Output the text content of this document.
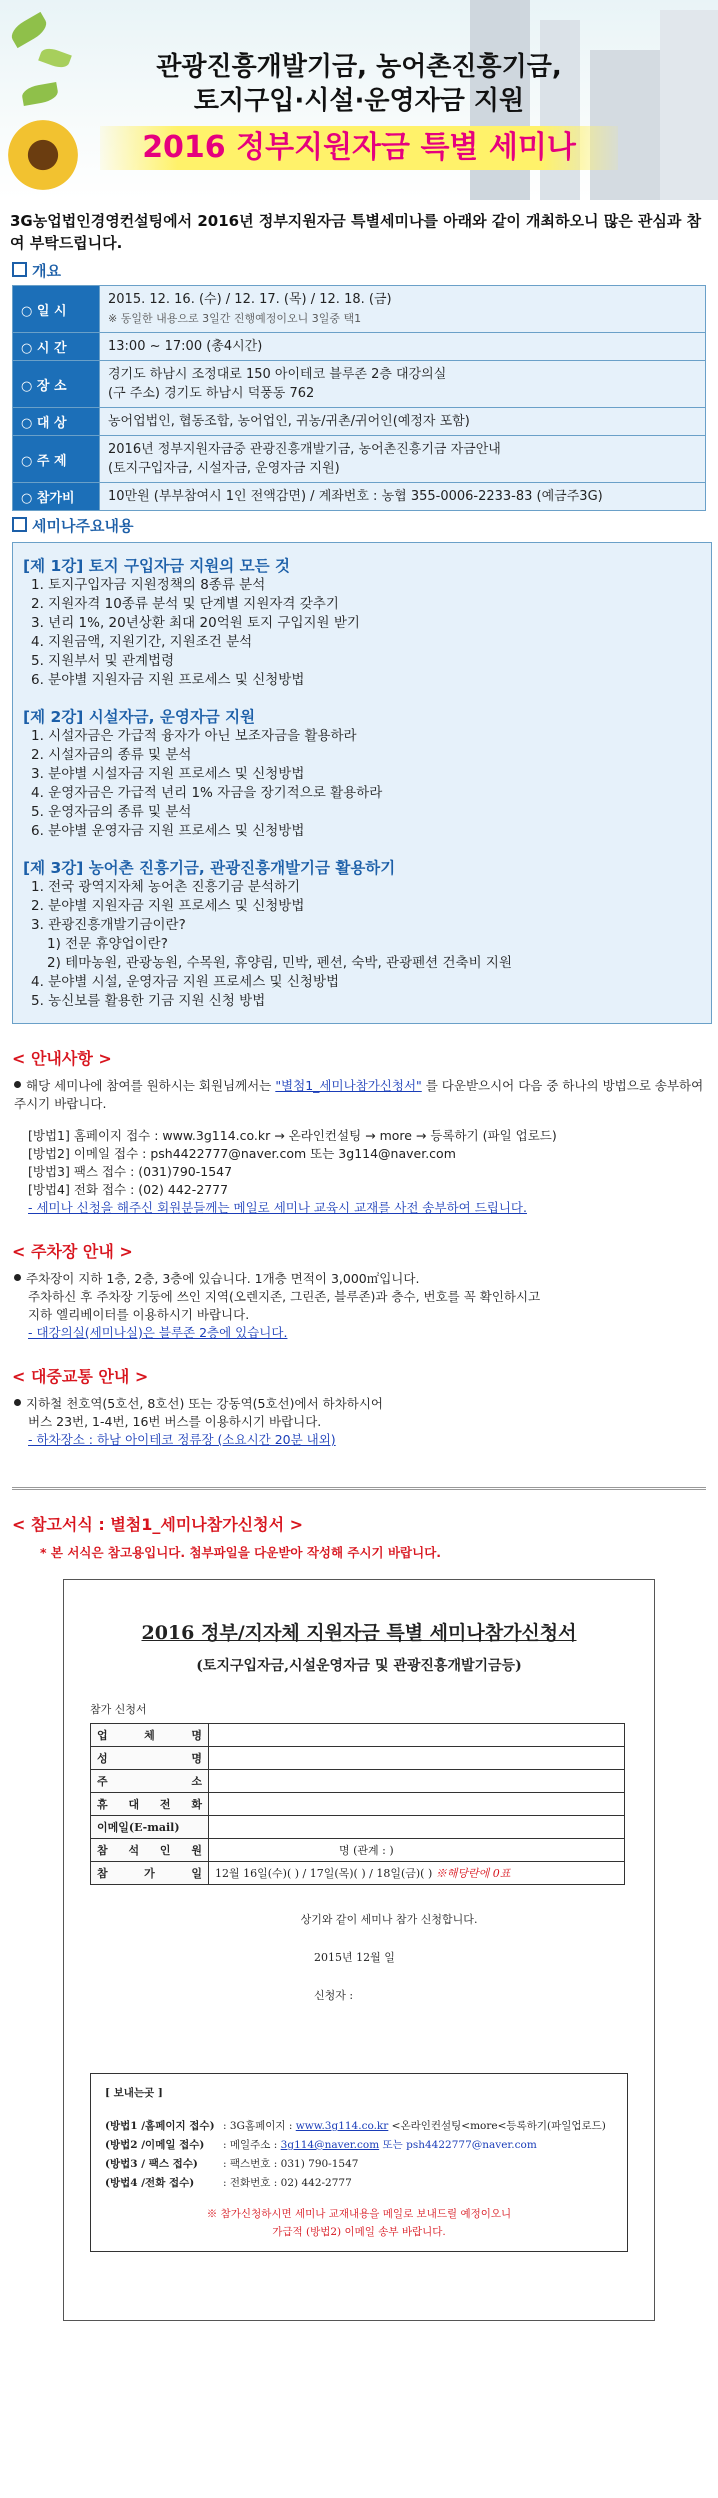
관광진흥개발기금, 농어촌진흥기금,
토지구입·시설·운영자금 지원
2016 정부지원자금 특별 세미나
3G농업법인경영컨설팅에서 2016년 정부지원자금 특별세미나를 아래와 같이 개최하오니 많은 관심과 참여 부탁드립니다.
개요
○ 일 시	2015. 12. 16. (수) / 12. 17. (목) / 12. 18. (금)
※ 동일한 내용으로 3일간 진행예정이오니 3일중 택1

○ 시 간	13:00 ~ 17:00 (총4시간)
○ 장 소	경기도 하남시 조정대로 150 아이테코 블루존 2층 대강의실
(구 주소) 경기도 하남시 덕풍동 762

○ 대 상	농어업법인, 협동조합, 농어업인, 귀농/귀촌/귀어인(예정자 포함)
○ 주 제	2016년 정부지원자금중 관광진흥개발기금, 농어촌진흥기금 자금안내
(토지구입자금, 시설자금, 운영자금 지원)

○ 참가비	10만원 (부부참여시 1인 전액감면) / 계좌번호 : 농협 355-0006-2233-83 (예금주3G)
세미나주요내용
[제 1강] 토지 구입자금 지원의 모든 것
1. 토지구입자금 지원정책의 8종류 분석
2. 지원자격 10종류 분석 및 단계별 지원자격 갖추기
3. 년리 1%, 20년상환 최대 20억원 토지 구입지원 받기
4. 지원금액, 지원기간, 지원조건 분석
5. 지원부서 및 관계법령
6. 분야별 지원자금 지원 프로세스 및 신청방법
[제 2강] 시설자금, 운영자금 지원
1. 시설자금은 가급적 융자가 아닌 보조자금을 활용하라
2. 시설자금의 종류 및 분석
3. 분야별 시설자금 지원 프로세스 및 신청방법
4. 운영자금은 가급적 년리 1% 자금을 장기적으로 활용하라
5. 운영자금의 종류 및 분석
6. 분야별 운영자금 지원 프로세스 및 신청방법
[제 3강] 농어촌 진흥기금, 관광진흥개발기금 활용하기
1. 전국 광역지자체 농어촌 진흥기금 분석하기
2. 분야별 지원자금 지원 프로세스 및 신청방법
3. 관광진흥개발기금이란?
1) 전문 휴양업이란?
2) 테마농원, 관광농원, 수목원, 휴양림, 민박, 펜션, 숙박, 관광펜션 건축비 지원
4. 분야별 시설, 운영자금 지원 프로세스 및 신청방법
5. 농신보를 활용한 기금 지원 신청 방법
< 안내사항 >
해당 세미나에 참여를 원하시는 회원님께서는 "별첨1_세미나참가신청서" 를 다운받으시어 다음 중 하나의 방법으로 송부하여 주시기 바랍니다.
[방법1] 홈페이지 접수 : www.3g114.co.kr → 온라인컨설팅 → more → 등록하기 (파일 업로드)
[방법2] 이메일 접수 : psh4422777@naver.com 또는 3g114@naver.com
[방법3] 팩스 접수 : (031)790-1547
[방법4] 전화 접수 : (02) 442-2777
- 세미나 신청을 해주신 회원분들께는 메일로 세미나 교육시 교재를 사전 송부하여 드립니다.
< 주차장 안내 >
주차장이 지하 1층, 2층, 3층에 있습니다. 1개층 면적이 3,000㎡입니다.
주차하신 후 주차장 기둥에 쓰인 지역(오렌지존, 그린존, 블루존)과 층수, 번호를 꼭 확인하시고
지하 엘리베이터를 이용하시기 바랍니다.
- 대강의실(세미나실)은 블루존 2층에 있습니다.
< 대중교통 안내 >
지하철 천호역(5호선, 8호선) 또는 강동역(5호선)에서 하차하시어
버스 23번, 1-4번, 16번 버스를 이용하시기 바랍니다.
- 하차장소 : 하남 아이테코 정류장 (소요시간 20분 내외)
< 참고서식 : 별첨1_세미나참가신청서 >
* 본 서식은 참고용입니다. 첨부파일을 다운받아 작성해 주시기 바랍니다.
2016 정부/지자체 지원자금 특별 세미나참가신청서
(토지구입자금,시설운영자금 및 관광진흥개발기금등)
참가 신청서
업 체 명	
성 명	
주 소	
휴 대 전 화	
이메일(E-mail)	
참 석 인 원	명 (관계 : )
참 가 일	12월 16일(수)( ) / 17일(목)( ) / 18일(금)( ) ※해당란에 0표
상기와 같이 세미나 참가 신청합니다.
2015년 12월 일
신청자 :
[ 보내는곳 ]
(방법1 /홈페이지 접수) : 3G홈페이지 : www.3g114.co.kr <온라인컨설팅<more<등록하기(파일업로드)
(방법2 /이메일 접수)	: 메일주소 : 3g114@naver.com 또는 psh4422777@naver.com
(방법3 / 팩스 접수)	: 팩스번호 : 031) 790-1547
(방법4 /전화 접수)	: 전화번호 : 02) 442-2777
※ 참가신청하시면 세미나 교재내용을 메일로 보내드릴 예정이오니
가급적 (방법2) 이메일 송부 바랍니다.
